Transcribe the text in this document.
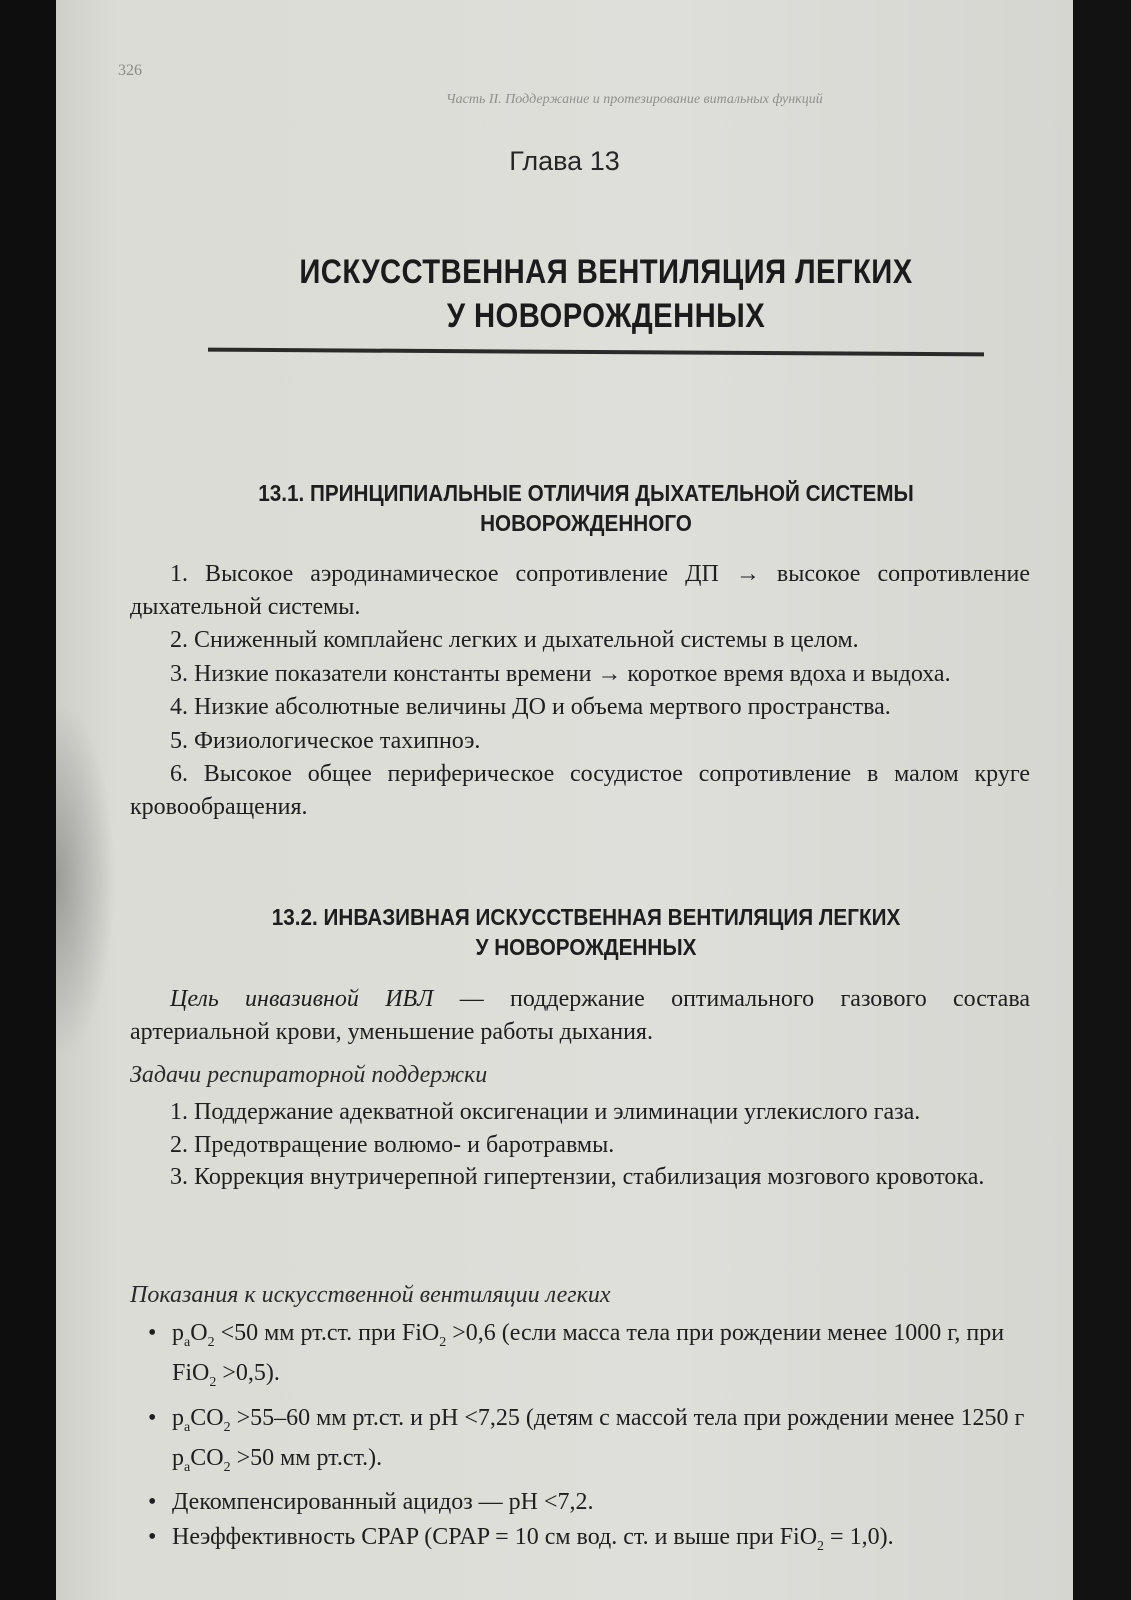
326
Часть II. Поддержание и протезирование витальных функций
Глава 13
ИСКУССТВЕННАЯ ВЕНТИЛЯЦИЯ ЛЕГКИХ
У НОВОРОЖДЕННЫХ
13.1. ПРИНЦИПИАЛЬНЫЕ ОТЛИЧИЯ ДЫХАТЕЛЬНОЙ СИСТЕМЫ
НОВОРОЖДЕННОГО

1. Высокое аэродинамическое сопротивление ДП → высокое сопротивление дыхательной системы.

2. Сниженный комплайенс легких и дыхательной системы в целом.

3. Низкие показатели константы времени → короткое время вдоха и выдоха.

4. Низкие абсолютные величины ДО и объема мертвого пространства.

5. Физиологическое тахипноэ.

6. Высокое общее периферическое сосудистое сопротивление в малом круге кровообращения.

13.2. ИНВАЗИВНАЯ ИСКУССТВЕННАЯ ВЕНТИЛЯЦИЯ ЛЕГКИХ
У НОВОРОЖДЕННЫХ

Цель инвазивной ИВЛ — поддержание оптимального газового состава артериальной крови, уменьшение работы дыхания.

Задачи респираторной поддержки

1. Поддержание адекватной оксигенации и элиминации углекислого газа.

2. Предотвращение волюмо- и баротравмы.

3. Коррекция внутричерепной гипертензии, стабилизация мозгового кровотока.

Показания к искусственной вентиляции легких
• $p_aO_2 <50$ мм рт.ст. при FiO$_2$ >0,6 (если масса тела при рождении менее 1000 г, при FiO$_2$ >0,5).
• $p_aCO_2 >55-60$ мм рт.ст. и pH <7,25 (детям с массой тела при рождении менее 1250 г $p_aCO_2 >50$ мм рт.ст.).
• Декомпенсированный ацидоз — pH <7,2.
• Неэффективность CPAP (CPAP = 10 см вод. ст. и выше при FiO$_2$ = 1,0).
